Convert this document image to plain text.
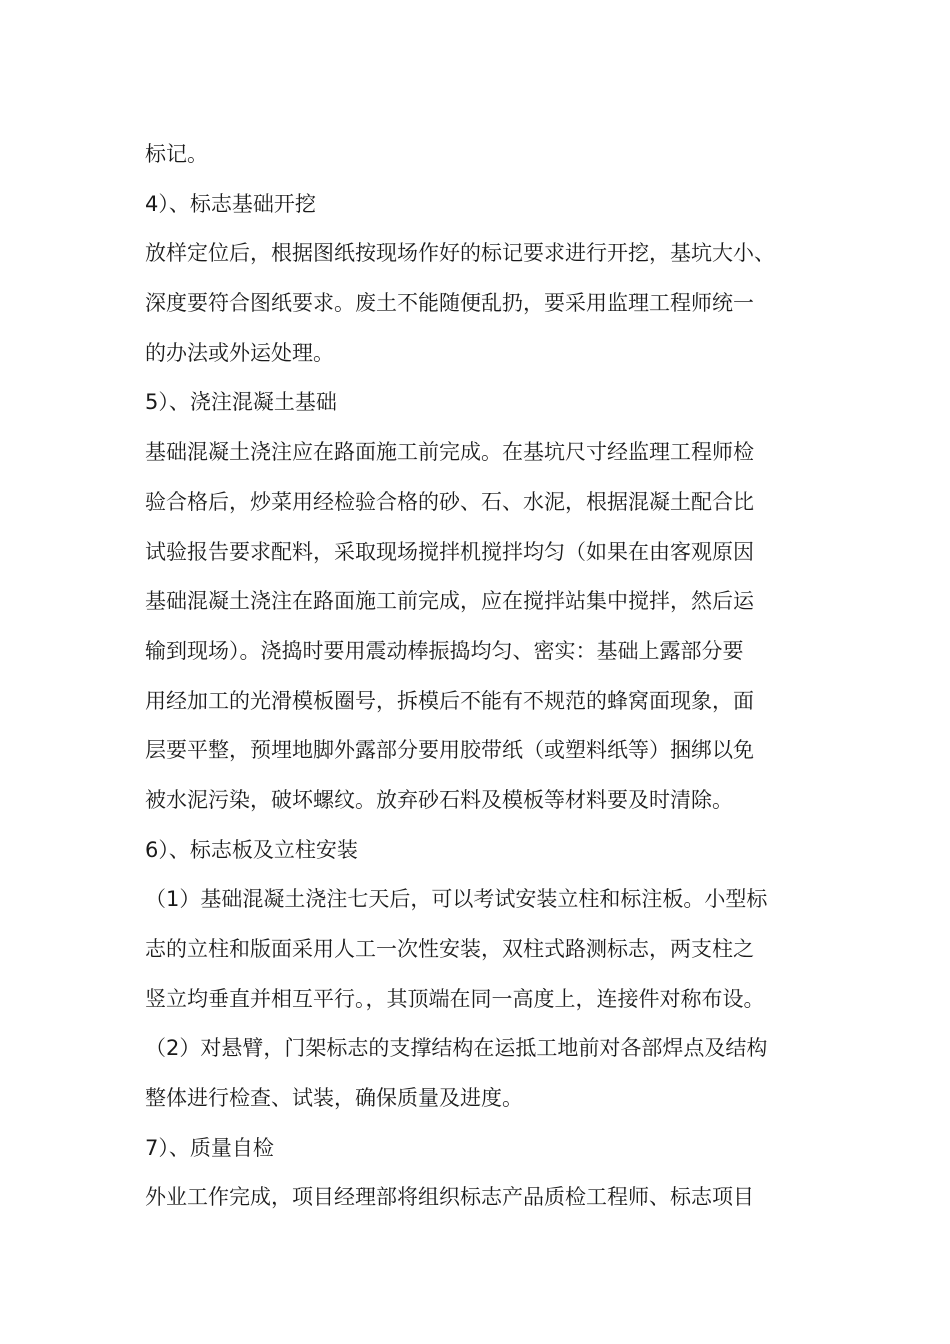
标记。

4）、标志基础开挖

放样定位后，根据图纸按现场作好的标记要求进行开挖，基坑大小、

深度要符合图纸要求。废土不能随便乱扔，要采用监理工程师统一

的办法或外运处理。

5）、浇注混凝土基础

基础混凝土浇注应在路面施工前完成。在基坑尺寸经监理工程师检

验合格后，炒菜用经检验合格的砂、石、水泥，根据混凝土配合比

试验报告要求配料，采取现场搅拌机搅拌均匀（如果在由客观原因

基础混凝土浇注在路面施工前完成，应在搅拌站集中搅拌，然后运

输到现场）。浇捣时要用震动棒振捣均匀、密实：基础上露部分要

用经加工的光滑模板圈号，拆模后不能有不规范的蜂窝面现象，面

层要平整，预埋地脚外露部分要用胶带纸（或塑料纸等）捆绑以免

被水泥污染，破坏螺纹。放弃砂石料及模板等材料要及时清除。

6）、标志板及立柱安装

（1）基础混凝土浇注七天后，可以考试安装立柱和标注板。小型标

志的立柱和版面采用人工一次性安装，双柱式路测标志，两支柱之

竖立均垂直并相互平行。，其顶端在同一高度上，连接件对称布设。

（2）对悬臂，门架标志的支撑结构在运抵工地前对各部焊点及结构

整体进行检查、试装，确保质量及进度。

7）、质量自检

外业工作完成，项目经理部将组织标志产品质检工程师、标志项目
